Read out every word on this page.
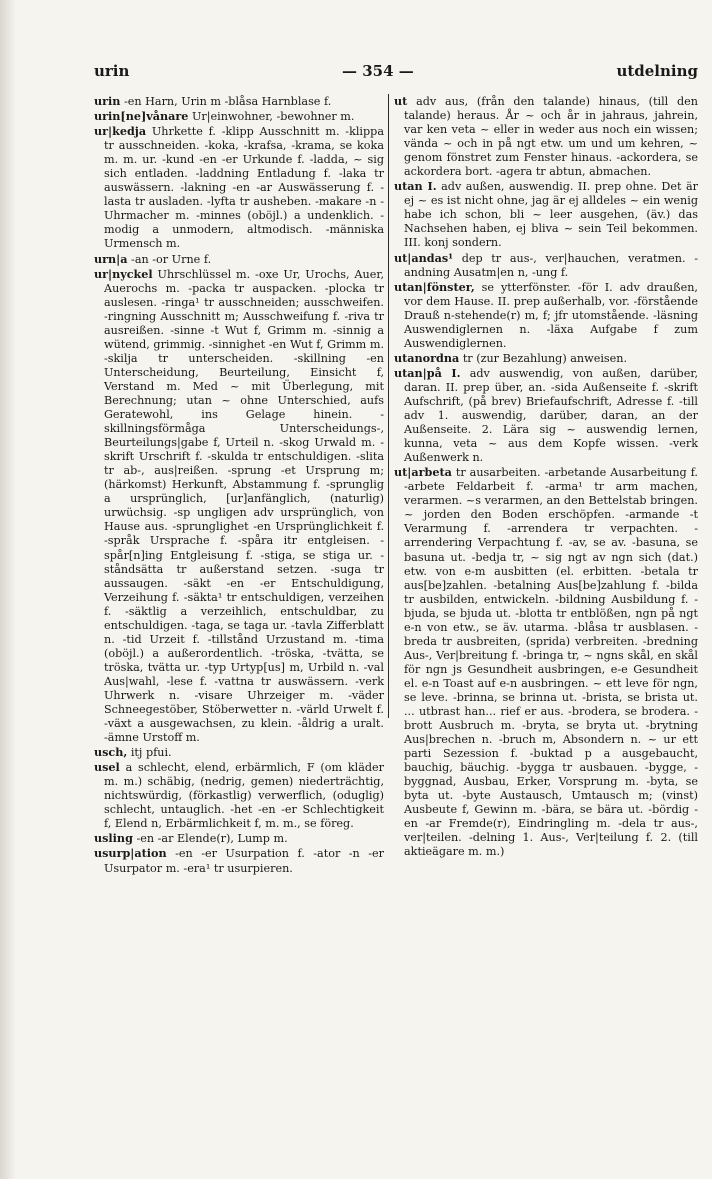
urin	— 354 —	utdelning
urin -en Harn, Urin m -blåsa Harnblase f.
urin[ne]vånare Ur|einwohner, -bewohner m.
ur|kedja Uhrkette f. -klipp Ausschnitt m. -klippa tr ausschneiden. -koka, -krafsa, -krama, se koka m. m. ur. -kund -en -er Urkunde f. -ladda, ~ sig sich entladen. -laddning Entladung f. -laka tr auswässern. -lakning -en -ar Auswässerung f. -lasta tr ausladen. -lyfta tr ausheben. -makare -n - Uhrmacher m. -minnes (oböjl.) a undenklich. -modig a unmodern, altmodisch. -människa Urmensch m.
urn|a -an -or Urne f.
ur|nyckel Uhrschlüssel m. -oxe Ur, Urochs, Auer, Auerochs m. -packa tr auspacken. -plocka tr auslesen. -ringa¹ tr ausschneiden; ausschweifen. -ringning Ausschnitt m; Ausschweifung f. -riva tr ausreißen. -sinne -t Wut f, Grimm m. -sinnig a wütend, grimmig. -sinnighet -en Wut f, Grimm m. -skilja tr unterscheiden. -skillning -en Unterscheidung, Beurteilung, Einsicht f, Verstand m. Med ~ mit Überlegung, mit Berechnung; utan ~ ohne Unterschied, aufs Geratewohl, ins Gelage hinein. -skillningsförmåga Unterscheidungs-, Beurteilungs|gabe f, Urteil n. -skog Urwald m. -skrift Urschrift f. -skulda tr entschuldigen. -slita tr ab-, aus|reißen. -sprung -et Ursprung m; (härkomst) Herkunft, Abstammung f. -sprunglig a ursprünglich, [ur]anfänglich, (naturlig) urwüchsig. -sp ungligen adv ursprünglich, von Hause aus. -sprunglighet -en Ursprünglichkeit f. -språk Ursprache f. -spåra itr entgleisen. -spår[n]ing Entgleisung f. -stiga, se stiga ur. -ståndsätta tr außerstand setzen. -suga tr aussaugen. -säkt -en -er Entschuldigung, Verzeihung f. -säkta¹ tr entschuldigen, verzeihen f. -säktlig a verzeihlich, entschuldbar, zu entschuldigen. -taga, se taga ur. -tavla Zifferblatt n. -tid Urzeit f. -tillstånd Urzustand m. -tima (oböjl.) a außerordentlich. -tröska, -tvätta, se tröska, tvätta ur. -typ Urtyp[us] m, Urbild n. -val Aus|wahl, -lese f. -vattna tr auswässern. -verk Uhrwerk n. -visare Uhrzeiger m. -väder Schneegestöber, Stöberwetter n. -värld Urwelt f. -växt a ausgewachsen, zu klein. -åldrig a uralt. -ämne Urstoff m.
usch, itj pfui.
usel a schlecht, elend, erbärmlich, F (om kläder m. m.) schäbig, (nedrig, gemen) niederträchtig, nichtswürdig, (förkastlig) verwerflich, (oduglig) schlecht, untauglich. -het -en -er Schlechtigkeit f, Elend n, Erbärmlichkeit f, m. m., se föreg.
usling -en -ar Elende(r), Lump m.
usurp|ation -en -er Usurpation f. -ator -n -er Usurpator m. -era¹ tr usurpieren.
ut adv aus, (från den talande) hinaus, (till den talande) heraus. År ~ och år in jahraus, jahrein, var ken veta ~ eller in weder aus noch ein wissen; vända ~ och in på ngt etw. um und um kehren, ~ genom fönstret zum Fenster hinaus. -ackordera, se ackordera bort. -agera tr abtun, abmachen.
utan I. adv außen, auswendig. II. prep ohne. Det är ej ~ es ist nicht ohne, jag är ej alldeles ~ ein wenig habe ich schon, bli ~ leer ausgehen, (äv.) das Nachsehen haben, ej bliva ~ sein Teil bekommen. III. konj sondern.
ut|andas¹ dep tr aus-, ver|hauchen, veratmen. -andning Ausatm|en n, -ung f.
utan|fönster, se ytterfönster. -för I. adv draußen, vor dem Hause. II. prep außerhalb, vor. -förstående Drauß n-stehende(r) m, f; jfr utomstående. -läsning Auswendiglernen n. -läxa Aufgabe f zum Auswendiglernen.
utanordna tr (zur Bezahlung) anweisen.
utan|på I. adv auswendig, von außen, darüber, daran. II. prep über, an. -sida Außenseite f. -skrift Aufschrift, (på brev) Briefaufschrift, Adresse f. -till adv 1. auswendig, darüber, daran, an der Außenseite. 2. Lära sig ~ auswendig lernen, kunna, veta ~ aus dem Kopfe wissen. -verk Außenwerk n.
ut|arbeta tr ausarbeiten. -arbetande Ausarbeitung f. -arbete Feldarbeit f. -arma¹ tr arm machen, verarmen. ~s verarmen, an den Bettelstab bringen. ~ jorden den Boden erschöpfen. -armande -t Verarmung f. -arrendera tr verpachten. -arrendering Verpachtung f. -av, se av. -basuna, se basuna ut. -bedja tr, ~ sig ngt av ngn sich (dat.) etw. von e-m ausbitten (el. erbitten. -betala tr aus[be]zahlen. -betalning Aus[be]zahlung f. -bilda tr ausbilden, entwickeln. -bildning Ausbildung f. -bjuda, se bjuda ut. -blotta tr entblößen, ngn på ngt e-n von etw., se äv. utarma. -blåsa tr ausblasen. -breda tr ausbreiten, (sprida) verbreiten. -bredning Aus-, Ver|breitung f. -bringa tr, ~ ngns skål, en skål för ngn js Gesundheit ausbringen, e-e Gesundheit el. e-n Toast auf e-n ausbringen. ~ ett leve för ngn, se leve. -brinna, se brinna ut. -brista, se brista ut. ... utbrast han... rief er aus. -brodera, se brodera. -brott Ausbruch m. -bryta, se bryta ut. -brytning Aus|brechen n. -bruch m, Absondern n. ~ ur ett parti Sezession f. -buktad p a ausgebaucht, bauchig, bäuchig. -bygga tr ausbauen. -bygge, -byggnad, Ausbau, Erker, Vorsprung m. -byta, se byta ut. -byte Austausch, Umtausch m; (vinst) Ausbeute f, Gewinn m. -bära, se bära ut. -bördig -en -ar Fremde(r), Eindringling m. -dela tr aus-, ver|teilen. -delning 1. Aus-, Ver|teilung f. 2. (till aktieägare m. m.)
